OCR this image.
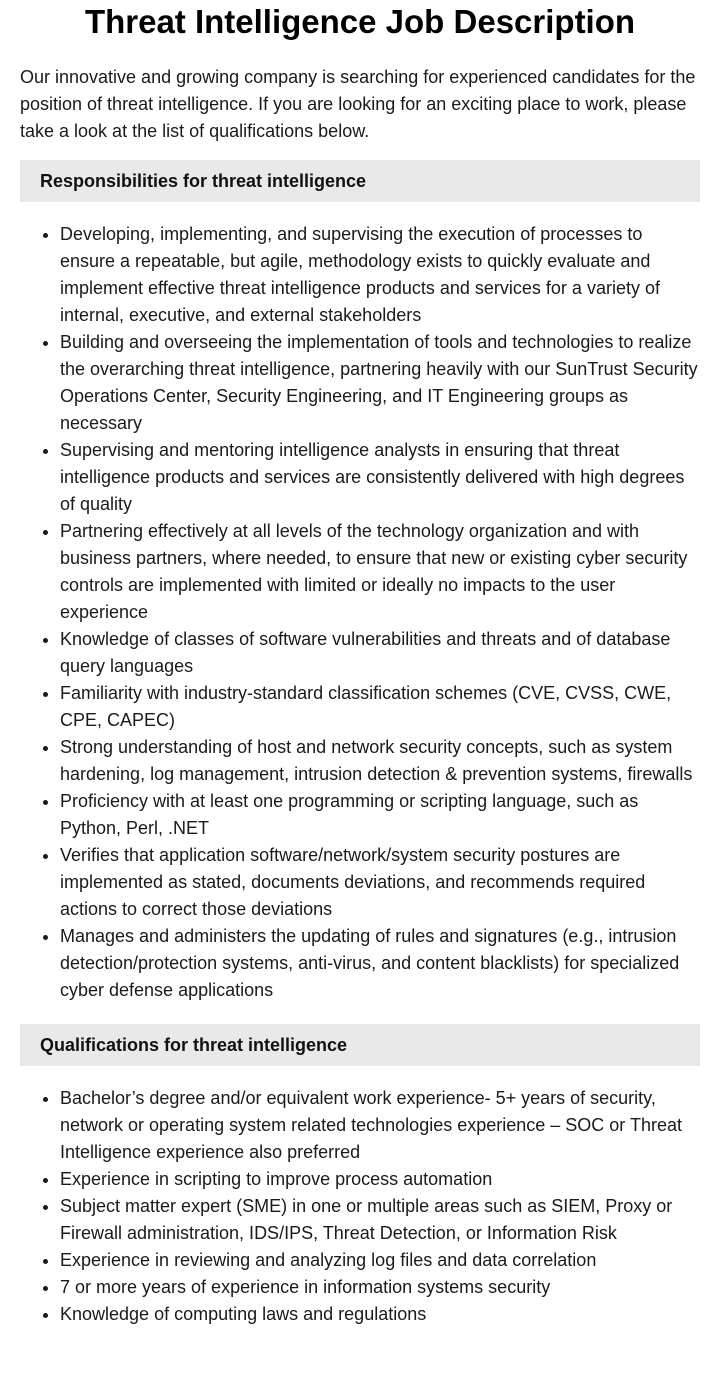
Threat Intelligence Job Description

Our innovative and growing company is searching for experienced candidates for the position of threat intelligence. If you are looking for an exciting place to work, please take a look at the list of qualifications below.

Responsibilities for threat intelligence
• Developing, implementing, and supervising the execution of processes to ensure a repeatable, but agile, methodology exists to quickly evaluate and implement effective threat intelligence products and services for a variety of internal, executive, and external stakeholders
• Building and overseeing the implementation of tools and technologies to realize the overarching threat intelligence, partnering heavily with our SunTrust Security Operations Center, Security Engineering, and IT Engineering groups as necessary
• Supervising and mentoring intelligence analysts in ensuring that threat intelligence products and services are consistently delivered with high degrees of quality
• Partnering effectively at all levels of the technology organization and with business partners, where needed, to ensure that new or existing cyber security controls are implemented with limited or ideally no impacts to the user experience
• Knowledge of classes of software vulnerabilities and threats and of database query languages
• Familiarity with industry-standard classification schemes (CVE, CVSS, CWE, CPE, CAPEC)
• Strong understanding of host and network security concepts, such as system hardening, log management, intrusion detection & prevention systems, firewalls
• Proficiency with at least one programming or scripting language, such as Python, Perl, .NET
• Verifies that application software/network/system security postures are implemented as stated, documents deviations, and recommends required actions to correct those deviations
• Manages and administers the updating of rules and signatures (e.g., intrusion detection/protection systems, anti-virus, and content blacklists) for specialized cyber defense applications
Qualifications for threat intelligence
• Bachelor’s degree and/or equivalent work experience- 5+ years of security, network or operating system related technologies experience – SOC or Threat Intelligence experience also preferred
• Experience in scripting to improve process automation
• Subject matter expert (SME) in one or multiple areas such as SIEM, Proxy or Firewall administration, IDS/IPS, Threat Detection, or Information Risk
• Experience in reviewing and analyzing log files and data correlation
• 7 or more years of experience in information systems security
• Knowledge of computing laws and regulations
